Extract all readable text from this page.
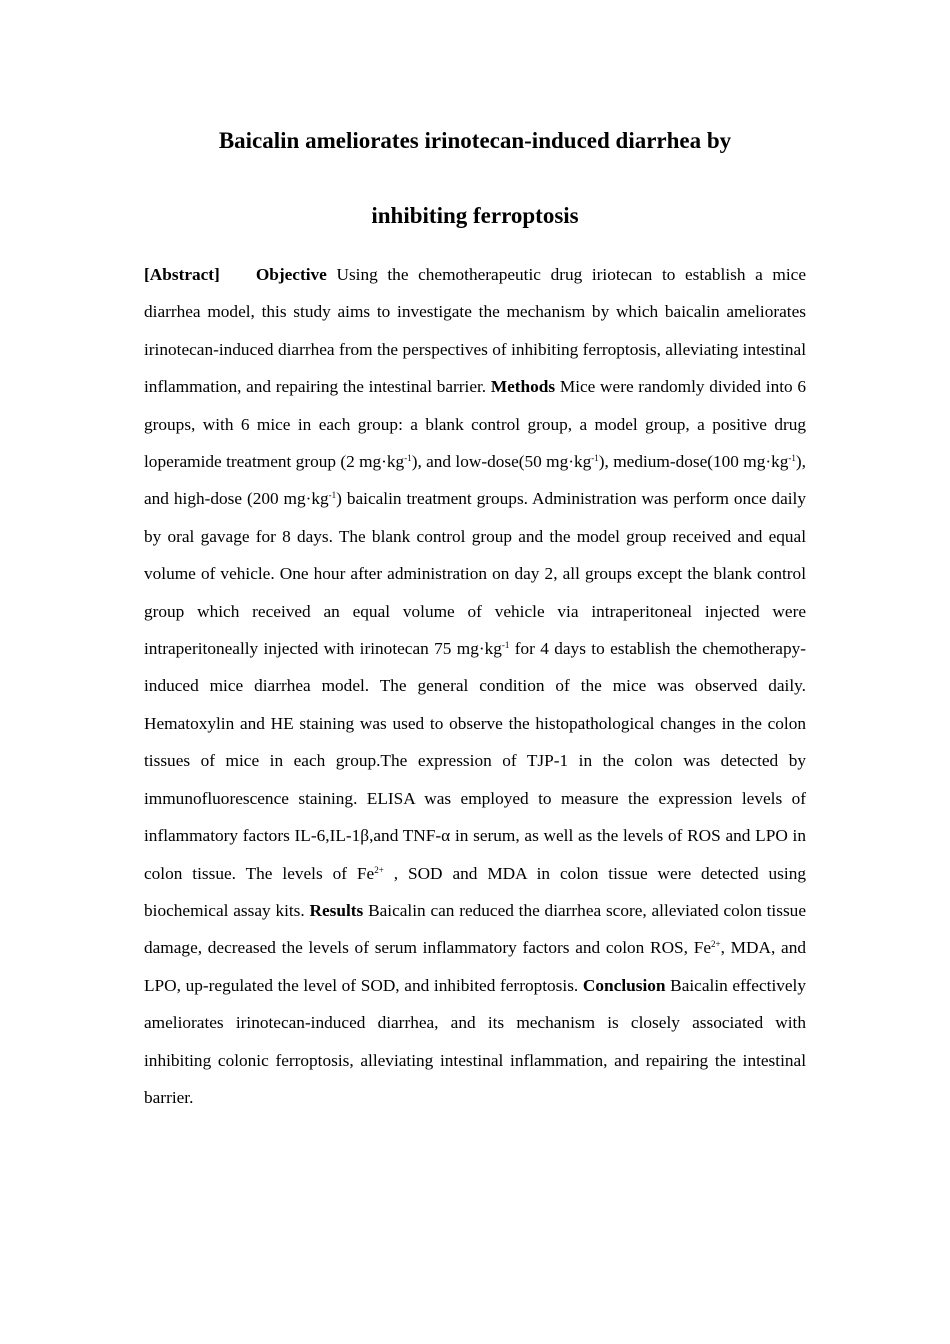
Baicalin ameliorates irinotecan-induced diarrhea by
inhibiting ferroptosis

[Abstract] Objective Using the chemotherapeutic drug iriotecan to establish a mice diarrhea model, this study aims to investigate the mechanism by which baicalin ameliorates irinotecan-induced diarrhea from the perspectives of inhibiting ferroptosis, alleviating intestinal inflammation, and repairing the intestinal barrier. Methods Mice were randomly divided into 6 groups, with 6 mice in each group: a blank control group, a model group, a positive drug loperamide treatment group (2 $mg\cdot kg^{-1}$), and low-dose(50 $mg\cdot kg^{-1}$), medium-dose(100 $mg\cdot kg^{-1}$), and high-dose (200 $mg\cdot kg^{-1}$) baicalin treatment groups. Administration was perform once daily by oral gavage for 8 days. The blank control group and the model group received and equal volume of vehicle. One hour after administration on day 2, all groups except the blank control group which received an equal volume of vehicle via intraperitoneal injected were intraperitoneally injected with irinotecan 75 $mg\cdot kg^{-1}$ for 4 days to establish the chemotherapy-induced mice diarrhea model. The general condition of the mice was observed daily. Hematoxylin and HE staining was used to observe the histopathological changes in the colon tissues of mice in each group.The expression of TJP-1 in the colon was detected by immunofluorescence staining. ELISA was employed to measure the expression levels of inflammatory factors IL-6,IL-1β,and TNF-α in serum, as well as the levels of ROS and LPO in colon tissue. The levels of $Fe^{2+}$ , SOD and MDA in colon tissue were detected using biochemical assay kits. Results Baicalin can reduced the diarrhea score, alleviated colon tissue damage, decreased the levels of serum inflammatory factors and colon ROS, $Fe^{2+}$, MDA, and LPO, up-regulated the level of SOD, and inhibited ferroptosis. Conclusion Baicalin effectively ameliorates irinotecan-induced diarrhea, and its mechanism is closely associated with inhibiting colonic ferroptosis, alleviating intestinal inflammation, and repairing the intestinal barrier.
